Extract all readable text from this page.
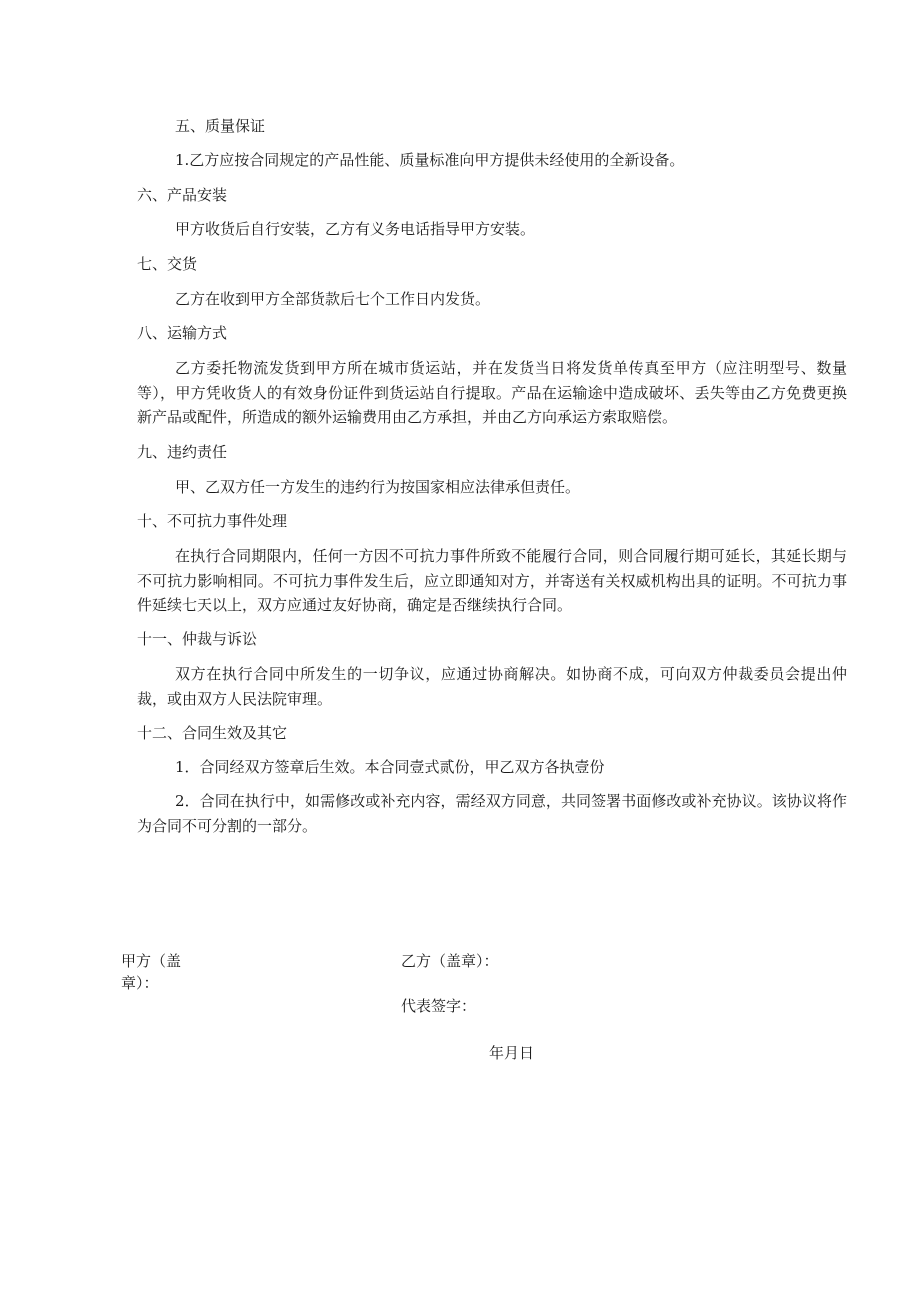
五、质量保证
1.乙方应按合同规定的产品性能、质量标准向甲方提供未经使用的全新设备。
六、产品安装
甲方收货后自行安装，乙方有义务电话指导甲方安装。
七、交货
乙方在收到甲方全部货款后七个工作日内发货。
八、运输方式
乙方委托物流发货到甲方所在城市货运站，并在发货当日将发货单传真至甲方（应注明型号、数量等），甲方凭收货人的有效身份证件到货运站自行提取。产品在运输途中造成破坏、丢失等由乙方免费更换新产品或配件，所造成的额外运输费用由乙方承担，并由乙方向承运方索取赔偿。
九、违约责任
甲、乙双方任一方发生的违约行为按国家相应法律承但责任。
十、不可抗力事件处理
在执行合同期限内，任何一方因不可抗力事件所致不能履行合同，则合同履行期可延长，其延长期与不可抗力影响相同。不可抗力事件发生后，应立即通知对方，并寄送有关权威机构出具的证明。不可抗力事件延续七天以上，双方应通过友好协商，确定是否继续执行合同。
十一、仲裁与诉讼
双方在执行合同中所发生的一切争议，应通过协商解决。如协商不成，可向双方仲裁委员会提出仲裁，或由双方人民法院审理。
十二、合同生效及其它
1．合同经双方签章后生效。本合同壹式贰份，甲乙双方各执壹份
2．合同在执行中，如需修改或补充内容，需经双方同意，共同签署书面修改或补充协议。该协议将作为合同不可分割的一部分。
甲方（盖
章）：
乙方（盖章）：
代表签字：
年月日
